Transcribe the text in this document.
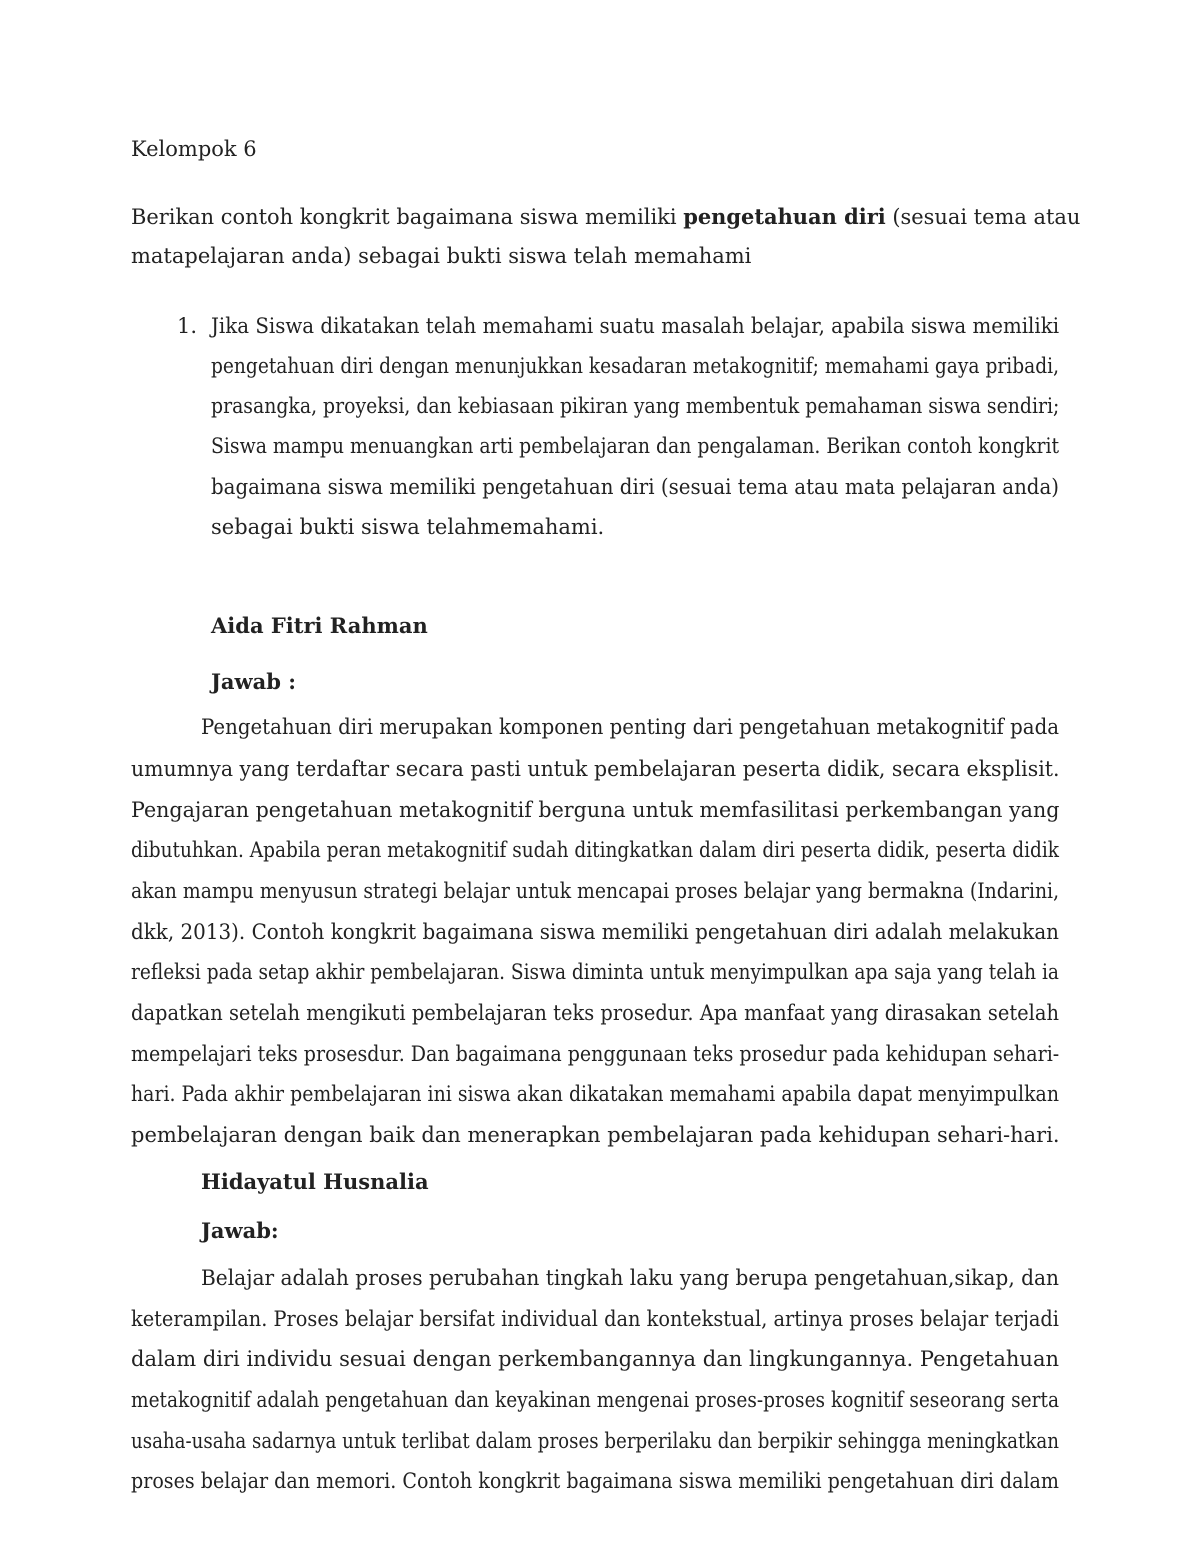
Kelompok 6
Berikan contoh kongkrit bagaimana siswa memiliki pengetahuan diri (sesuai tema atau
matapelajaran anda) sebagai bukti siswa telah memahami
1. Jika Siswa dikatakan telah memahami suatu masalah belajar, apabila siswa memiliki
pengetahuan diri dengan menunjukkan kesadaran metakognitif; memahami gaya pribadi,
prasangka, proyeksi, dan kebiasaan pikiran yang membentuk pemahaman siswa sendiri;
Siswa mampu menuangkan arti pembelajaran dan pengalaman. Berikan contoh kongkrit
bagaimana siswa memiliki pengetahuan diri (sesuai tema atau mata pelajaran anda)
sebagai bukti siswa telahmemahami.
Aida Fitri Rahman
Jawab :
Pengetahuan diri merupakan komponen penting dari pengetahuan metakognitif pada
umumnya yang terdaftar secara pasti untuk pembelajaran peserta didik, secara eksplisit.
Pengajaran pengetahuan metakognitif berguna untuk memfasilitasi perkembangan yang
dibutuhkan. Apabila peran metakognitif sudah ditingkatkan dalam diri peserta didik, peserta didik
akan mampu menyusun strategi belajar untuk mencapai proses belajar yang bermakna (Indarini,
dkk, 2013). Contoh kongkrit bagaimana siswa memiliki pengetahuan diri adalah melakukan
refleksi pada setap akhir pembelajaran. Siswa diminta untuk menyimpulkan apa saja yang telah ia
dapatkan setelah mengikuti pembelajaran teks prosedur. Apa manfaat yang dirasakan setelah
mempelajari teks prosesdur. Dan bagaimana penggunaan teks prosedur pada kehidupan sehari-
hari. Pada akhir pembelajaran ini siswa akan dikatakan memahami apabila dapat menyimpulkan
pembelajaran dengan baik dan menerapkan pembelajaran pada kehidupan sehari-hari.
Hidayatul Husnalia
Jawab:
Belajar adalah proses perubahan tingkah laku yang berupa pengetahuan,sikap, dan
keterampilan. Proses belajar bersifat individual dan kontekstual, artinya proses belajar terjadi
dalam diri individu sesuai dengan perkembangannya dan lingkungannya. Pengetahuan
metakognitif adalah pengetahuan dan keyakinan mengenai proses-proses kognitif seseorang serta
usaha-usaha sadarnya untuk terlibat dalam proses berperilaku dan berpikir sehingga meningkatkan
proses belajar dan memori. Contoh kongkrit bagaimana siswa memiliki pengetahuan diri dalam
